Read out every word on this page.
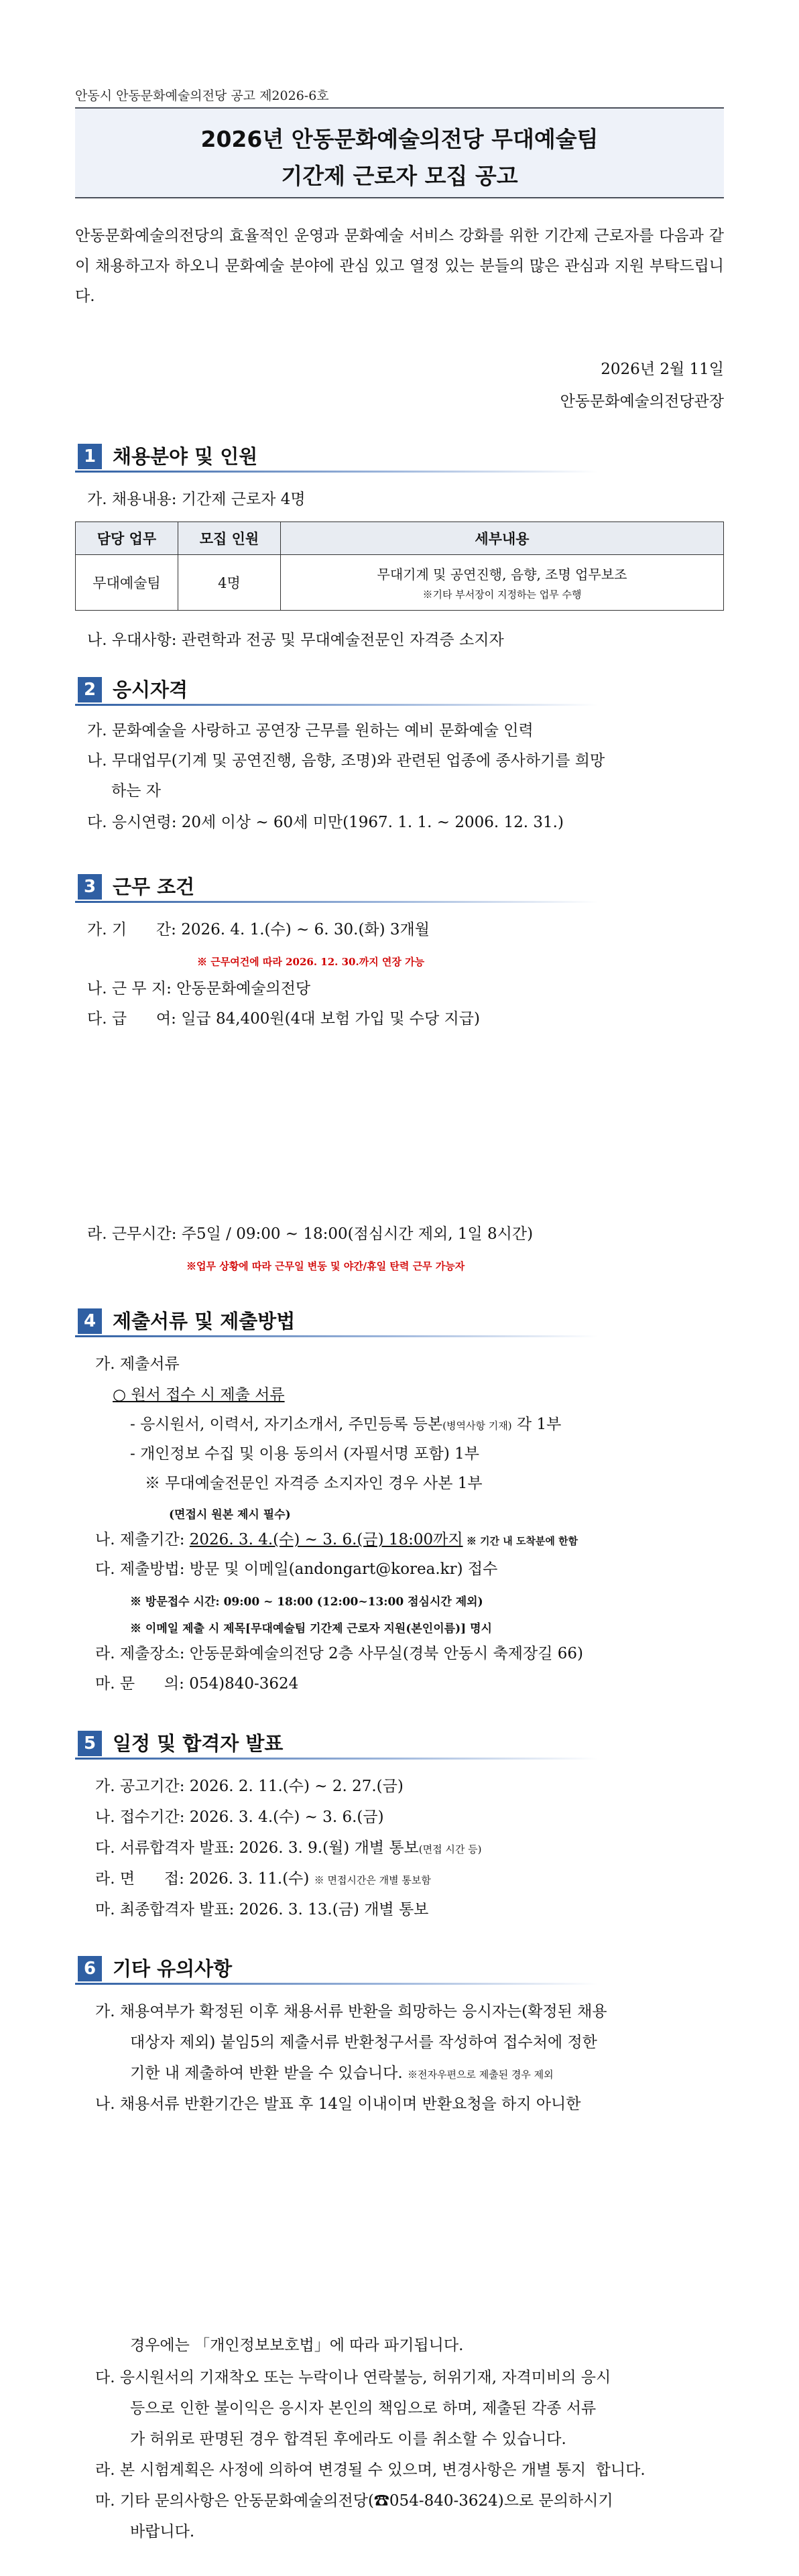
안동시 안동문화예술의전당 공고 제2026-6호
2026년 안동문화예술의전당 무대예술팀
기간제 근로자 모집 공고
안동문화예술의전당의 효율적인 운영과 문화예술 서비스 강화를 위한 기간제 근로자를 다음과 같이 채용하고자 하오니 문화예술 분야에 관심 있고 열정 있는 분들의 많은 관심과 지원 부탁드립니다.
2026년 2월 11일
안동문화예술의전당관장
1 채용분야 및 인원
가. 채용내용: 기간제 근로자 4명
담당 업무	모집 인원	세부내용
무대예술팀	4명	무대기계 및 공연진행, 음향, 조명 업무보조
※기타 부서장이 지정하는 업무 수행
나. 우대사항: 관련학과 전공 및 무대예술전문인 자격증 소지자
2 응시자격
가. 문화예술을 사랑하고 공연장 근무를 원하는 예비 문화예술 인력
나. 무대업무(기계 및 공연진행, 음향, 조명)와 관련된 업종에 종사하기를 희망
하는 자
다. 응시연령: 20세 이상 ~ 60세 미만(1967. 1. 1. ~ 2006. 12. 31.)
3 근무 조건
가. 기      간: 2026. 4. 1.(수) ~ 6. 30.(화) 3개월
※ 근무여건에 따라 2026. 12. 30.까지 연장 가능
나. 근 무 지: 안동문화예술의전당
다. 급      여: 일급 84,400원(4대 보험 가입 및 수당 지급)
라. 근무시간: 주5일 / 09:00 ~ 18:00(점심시간 제외, 1일 8시간)
※업무 상황에 따라 근무일 변동 및 야간/휴일 탄력 근무 가능자
4 제출서류 및 제출방법
가. 제출서류
○ 원서 접수 시 제출 서류
- 응시원서, 이력서, 자기소개서, 주민등록 등본(병역사항 기재) 각 1부
- 개인정보 수집 및 이용 동의서 (자필서명 포함) 1부
※ 무대예술전문인 자격증 소지자인 경우 사본 1부
(면접시 원본 제시 필수)
나. 제출기간: 2026. 3. 4.(수) ~ 3. 6.(금) 18:00까지 ※ 기간 내 도착분에 한함
다. 제출방법: 방문 및 이메일(andongart@korea.kr) 접수
※ 방문접수 시간: 09:00 ~ 18:00 (12:00~13:00 점심시간 제외)
※ 이메일 제출 시 제목[무대예술팀 기간제 근로자 지원(본인이름)] 명시
라. 제출장소: 안동문화예술의전당 2층 사무실(경북 안동시 축제장길 66)
마. 문      의: 054)840-3624
5 일정 및 합격자 발표
가. 공고기간: 2026. 2. 11.(수) ~ 2. 27.(금)
나. 접수기간: 2026. 3. 4.(수) ~ 3. 6.(금)
다. 서류합격자 발표: 2026. 3. 9.(월) 개별 통보(면접 시간 등)
라. 면      접: 2026. 3. 11.(수) ※ 면접시간은 개별 통보함
마. 최종합격자 발표: 2026. 3. 13.(금) 개별 통보
6 기타 유의사항
가. 채용여부가 확정된 이후 채용서류 반환을 희망하는 응시자는(확정된 채용
대상자 제외) 붙임5의 제출서류 반환청구서를 작성하여 접수처에 정한
기한 내 제출하여 반환 받을 수 있습니다. ※전자우편으로 제출된 경우 제외
나. 채용서류 반환기간은 발표 후 14일 이내이며 반환요청을 하지 아니한
경우에는 「개인정보보호법」에 따라 파기됩니다.
다. 응시원서의 기재착오 또는 누락이나 연락불능, 허위기재, 자격미비의 응시
등으로 인한 불이익은 응시자 본인의 책임으로 하며, 제출된 각종 서류
가 허위로 판명된 경우 합격된 후에라도 이를 취소할 수 있습니다.
라. 본 시험계획은 사정에 의하여 변경될 수 있으며, 변경사항은 개별 통지  합니다.
마. 기타 문의사항은 안동문화예술의전당(☎054-840-3624)으로 문의하시기
바랍니다.
